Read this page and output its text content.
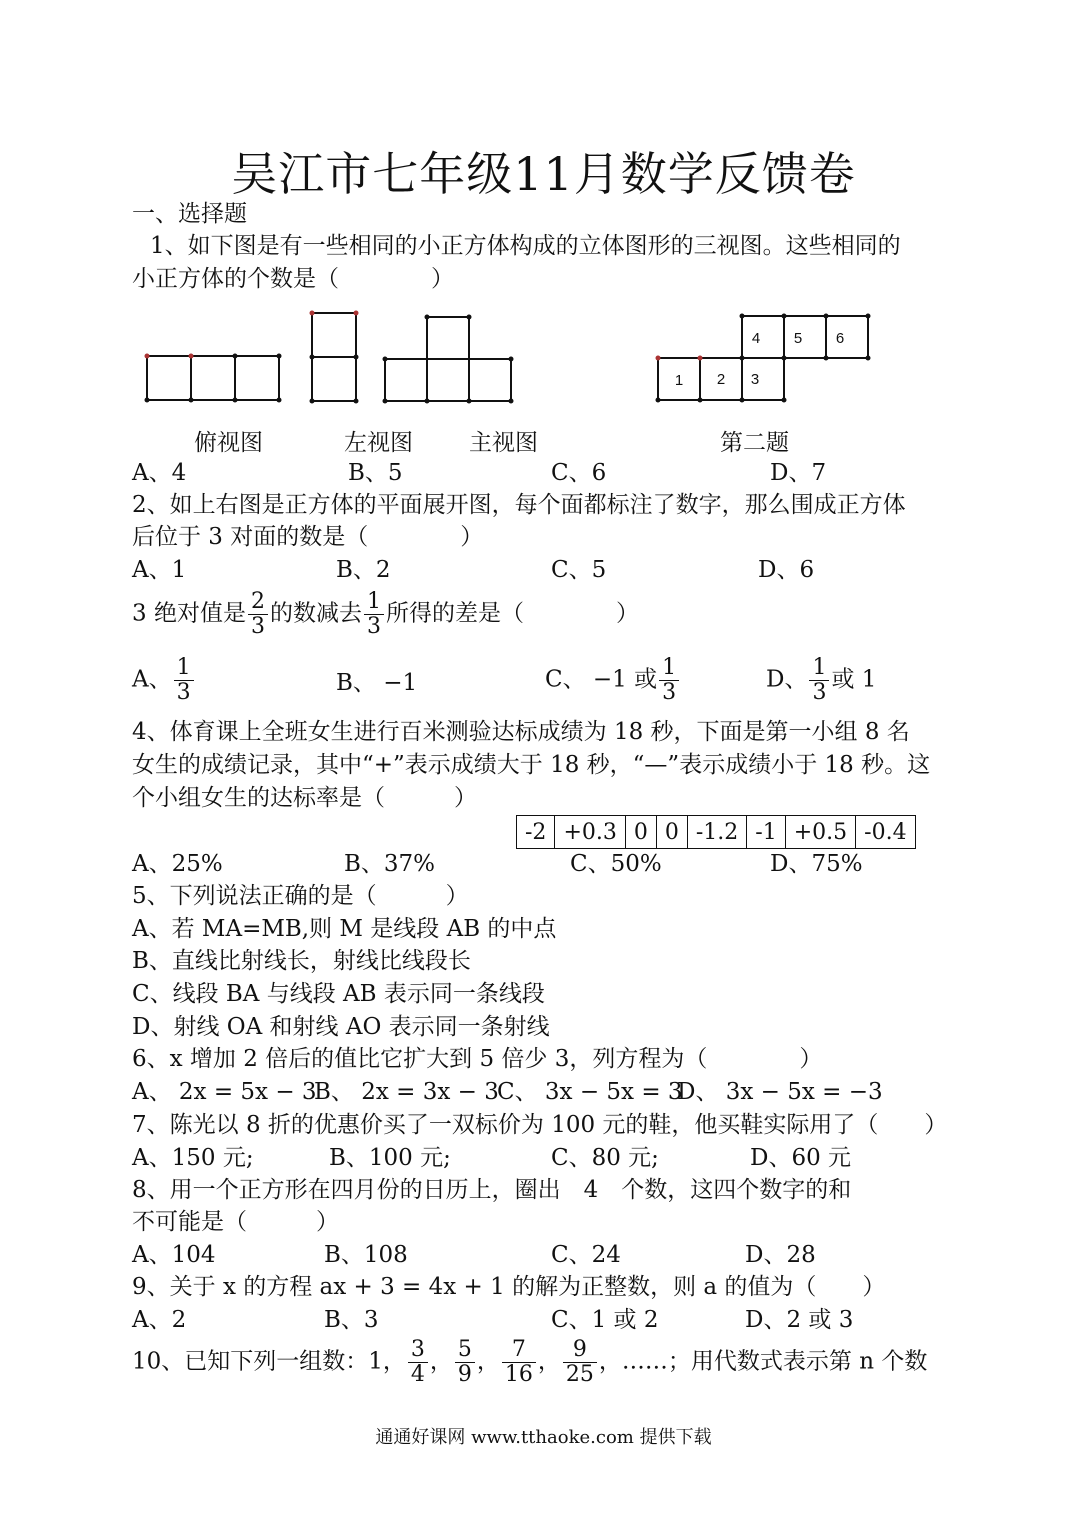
吴江市七年级11月数学反馈卷
一、选择题
1、如下图是有一些相同的小正方体构成的立体图形的三视图。这些相同的
小正方体的个数是（　　　　）
1 2 3
4 5 6
俯视图	左视图 主视图	第二题
A、4	B、5	C、6	D、7
2、如上右图是正方体的平面展开图，每个面都标注了数字，那么围成正方体
后位于 3 对面的数是（　　　　）
A、1	B、2	C、5	D、6
3 绝对值是 $\frac{2}{3}$ 的数减去 $\frac{1}{3}$ 所得的差是（　　　　）
A、 $\frac{1}{3}$	B、 −1	C、 −1 或 $\frac{1}{3}$	D、 $\frac{1}{3}$ 或 1
4、体育课上全班女生进行百米测验达标成绩为 18 秒，下面是第一小组 8 名
女生的成绩记录，其中“+”表示成绩大于 18 秒，“—”表示成绩小于 18 秒。这
个小组女生的达标率是（　　　）
-2	+0.3	0	0	-1.2	-1	+0.5	-0.4
A、25%	B、37%	C、50%	D、75%
5、下列说法正确的是（　　　）
A、若 MA=MB,则 M 是线段 AB 的中点
B、直线比射线长，射线比线段长
C、线段 BA 与线段 AB 表示同一条线段
D、射线 OA 和射线 AO 表示同一条射线
6、x 增加 2 倍后的值比它扩大到 5 倍少 3，列方程为（　　　　）
A、 2x = 5x − 3
B、 2x = 3x − 3
C、 3x − 5x = 3
D、 3x − 5x = −3
7、陈光以 8 折的优惠价买了一双标价为 100 元的鞋，他买鞋实际用了（　　）
A、150 元;	B、100 元;	C、80 元;	D、60 元
8、用一个正方形在四月份的日历上，圈出　4　个数，这四个数字的和
不可能是（　　　）
A、104	B、108	C、24	D、28
9、关于 x 的方程 ax + 3 = 4x + 1 的解为正整数，则 a 的值为（　　）
A、2	B、3	C、1 或 2	D、2 或 3
10、已知下列一组数：1， $\frac{3}{4}$ ， $\frac{5}{9}$ ， $\frac{7}{16}$ ， $\frac{9}{25}$ ，……；用代数式表示第 n 个数
通通好课网 www.tthaoke.com 提供下载
